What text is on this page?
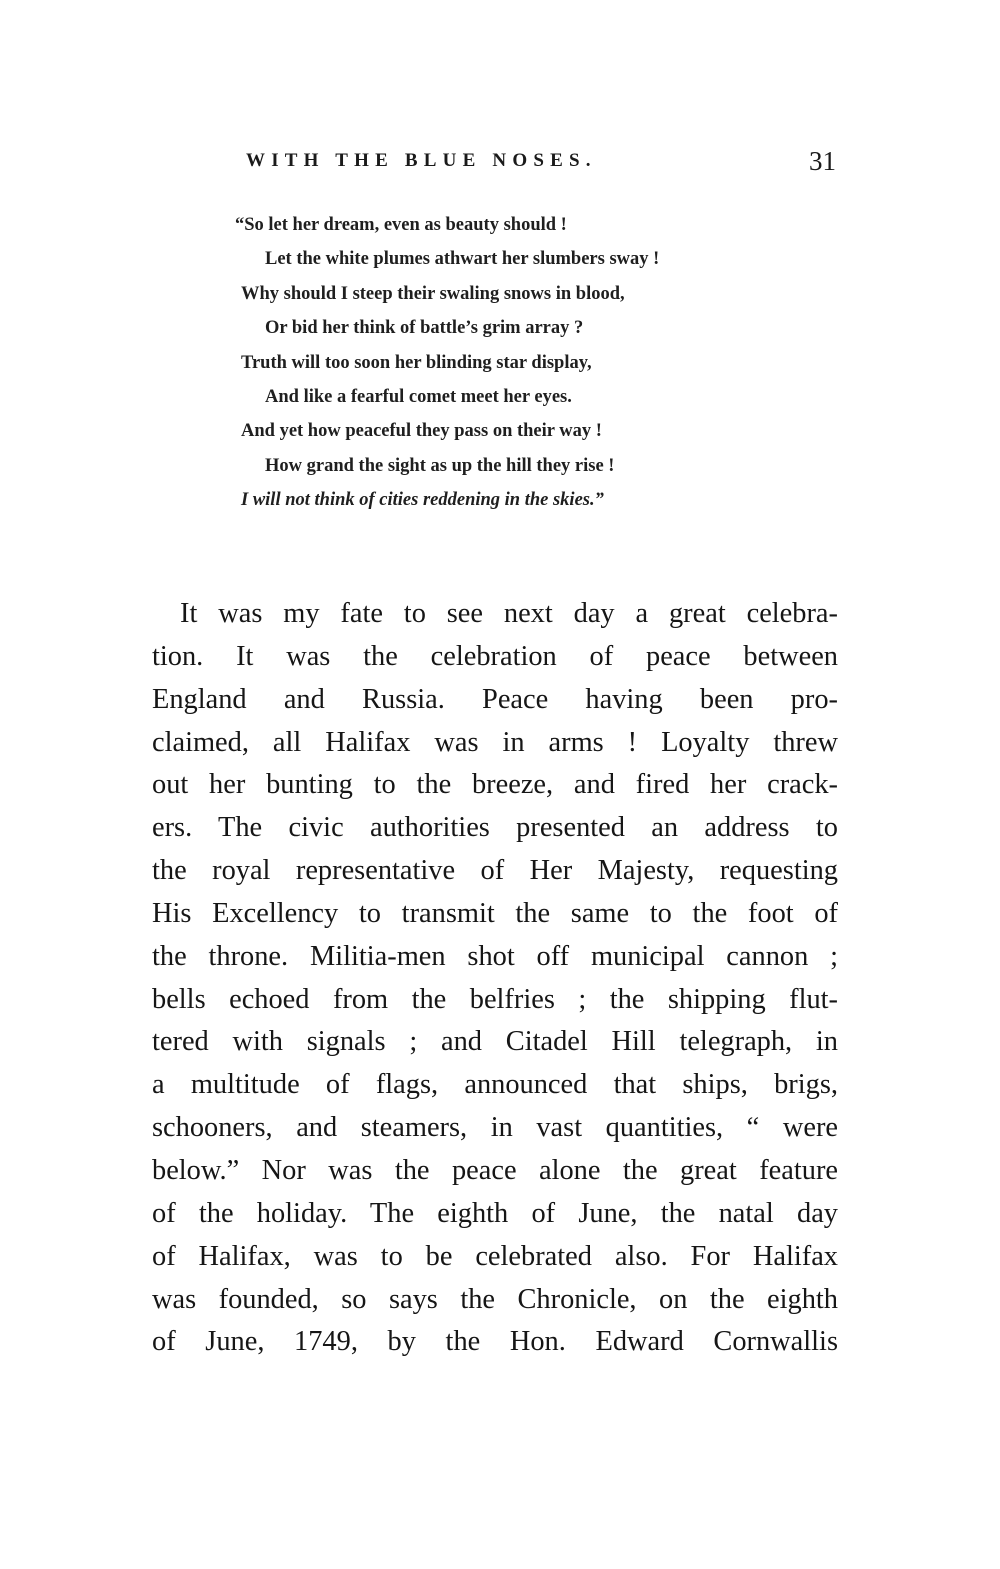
WITH THE BLUE NOSES.	31
“So let her dream, even as beauty should !
Let the white plumes athwart her slumbers sway !
Why should I steep their swaling snows in blood,
Or bid her think of battle’s grim array ?
Truth will too soon her blinding star display,
And like a fearful comet meet her eyes.
And yet how peaceful they pass on their way !
How grand the sight as up the hill they rise !
I will not think of cities reddening in the skies.”
It was my fate to see next day a great celebra-
tion. It was the celebration of peace between
England and Russia. Peace having been pro-
claimed, all Halifax was in arms ! Loyalty threw
out her bunting to the breeze, and fired her crack-
ers. The civic authorities presented an address to
the royal representative of Her Majesty, requesting
His Excellency to transmit the same to the foot of
the throne. Militia-men shot off municipal cannon ;
bells echoed from the belfries ; the shipping flut-
tered with signals ; and Citadel Hill telegraph, in
a multitude of flags, announced that ships, brigs,
schooners, and steamers, in vast quantities, “ were
below.” Nor was the peace alone the great feature
of the holiday. The eighth of June, the natal day
of Halifax, was to be celebrated also. For Halifax
was founded, so says the Chronicle, on the eighth
of June, 1749, by the Hon. Edward Cornwallis
